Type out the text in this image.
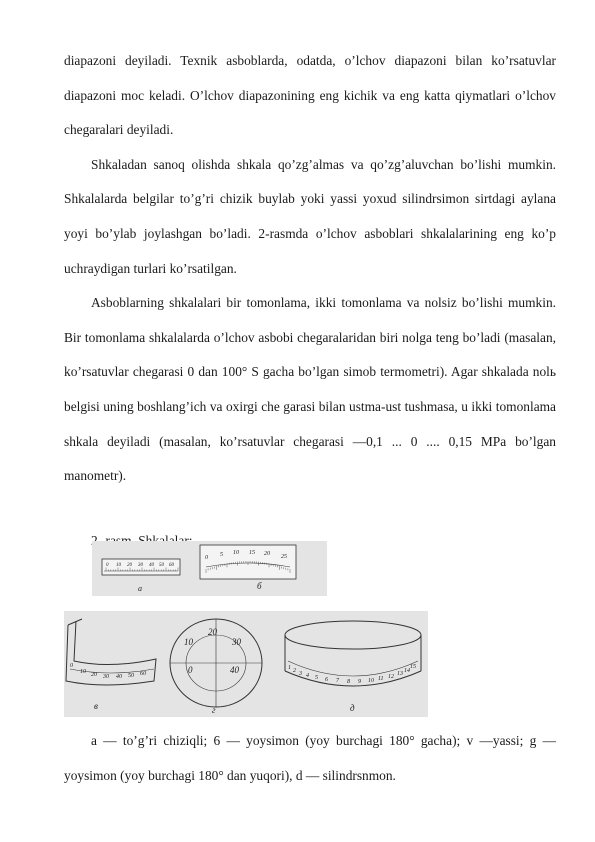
diapazoni deyiladi. Texnik asboblarda, odatda, o’lchov diapazoni bilan ko’rsatuvlar diapazoni moc keladi. O’lchov diapazonining eng kichik va eng katta qiymatlari o’lchov chegaralari deyiladi.

Shkaladan sanoq olishda shkala qo’zg’almas va qo’zg’aluvchan bo’lishi mumkin. Shkalalarda belgilar to’g’ri chizik buylab yoki yassi yoxud silindrsimon sirtdagi aylana yoyi bo’ylab joylashgan bo’ladi. 2-rasmda o’lchov asboblari shkalalarining eng ko’p uchraydigan turlari ko’rsatilgan.

Asboblarning shkalalari bir tomonlama, ikki tomonlama va nolsiz bo’lishi mumkin. Bir tomonlama shkalalarda o’lchov asbobi chegaralaridan biri nolga teng bo’ladi (masalan, ko’rsatuvlar chegarasi 0 dan 100° S gacha bo’lgan simob termometri). Agar shkalada nolь belgisi uning boshlang’ich va oxirgi che garasi bilan ustma-ust tushmasa, u ikki tomonlama shkala deyiladi (masalan, ko’rsatuvlar chegarasi —0,1 ... 0 .... 0,15 MPa bo’lgan manometr).

0 10 20 30 40 50 60
a
0 5 10 15 20 25
б
0
10 20 30 40 50 60
в
20
10	30
0	40
г
1 2 3 4 5 6 7 8 9 10 11 12 13 14
15
д

a — to’g’ri chiziqli; 6 — yoysimon (yoy burchagi 180° gacha); v —yassi; g — yoysimon (yoy burchagi 180° dan yuqori), d — silindrsnmon.
